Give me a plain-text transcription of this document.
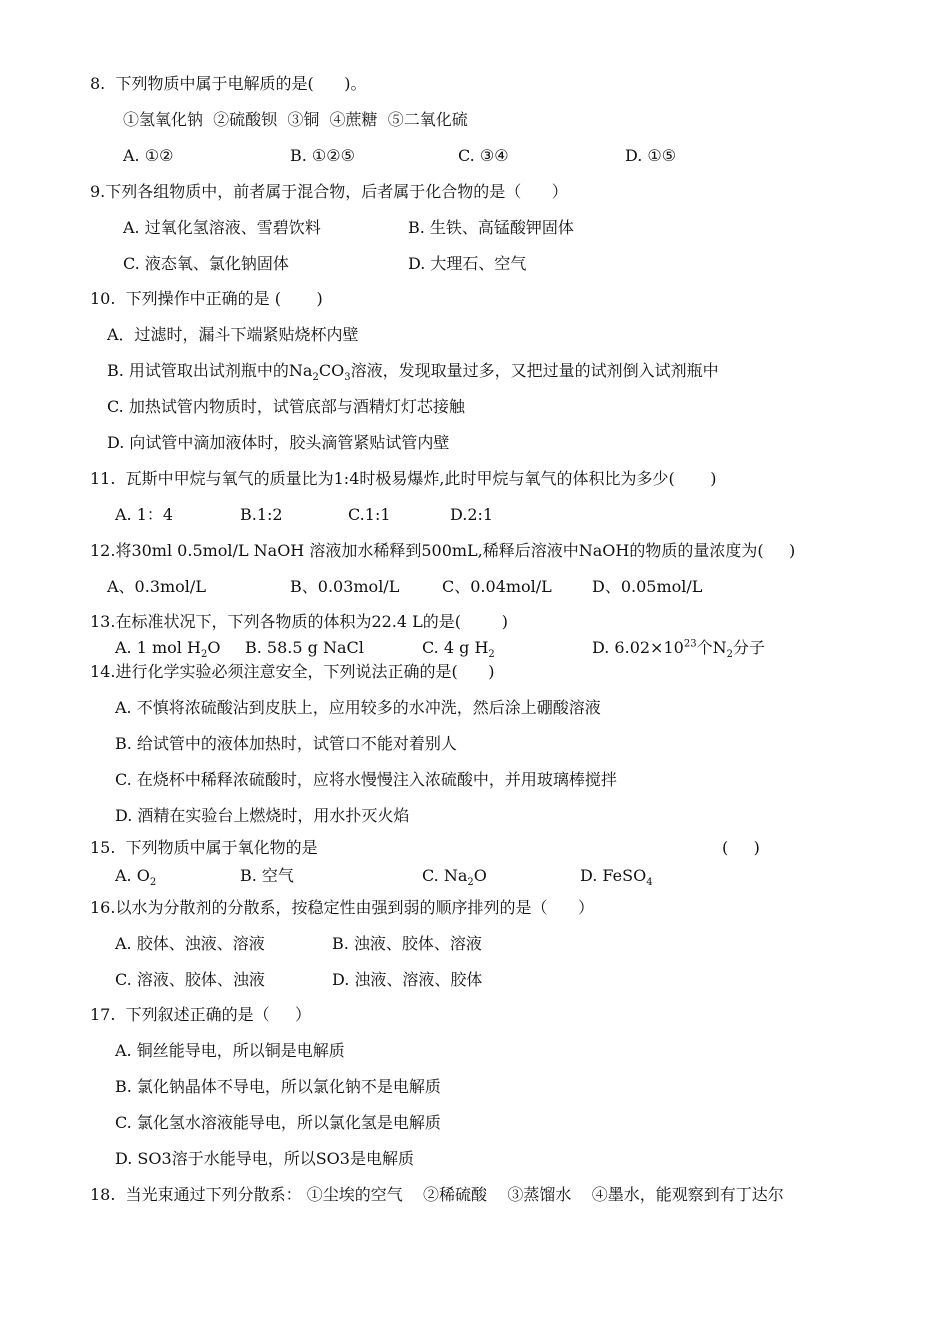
8.  下列物质中属于电解质的是(      )。
①氢氧化钠  ②硫酸钡  ③铜  ④蔗糖  ⑤二氧化硫
A. ①②	B. ①②⑤	C. ③④	D. ①⑤
9.下列各组物质中，前者属于混合物，后者属于化合物的是（      ）
A. 过氧化氢溶液、雪碧饮料	B. 生铁、高锰酸钾固体
C. 液态氧、氯化钠固体	D. 大理石、空气
10.  下列操作中正确的是 (       )
A．过滤时，漏斗下端紧贴烧杯内壁
B. 用试管取出试剂瓶中的$Na_2CO_3$溶液，发现取量过多，又把过量的试剂倒入试剂瓶中
C. 加热试管内物质时，试管底部与酒精灯灯芯接触
D. 向试管中滴加液体时，胶头滴管紧贴试管内壁
11.  瓦斯中甲烷与氧气的质量比为1:4时极易爆炸,此时甲烷与氧气的体积比为多少(       )
A. 1：4	B.1:2	C.1:1	D.2:1
12.将30ml 0.5mol/L NaOH 溶液加水稀释到500mL,稀释后溶液中NaOH的物质的量浓度为(     )
A、0.3mol/L	B、0.03mol/L	C、0.04mol/L	D、0.05mol/L
13.在标准状况下，下列各物质的体积为22.4 L的是(        )
A. 1 mol $H_2O$ B. 58.5 g NaCl	C. 4 g $H_2$	D. $6.02\times 10^{23}$个$N_2$分子
14.进行化学实验必须注意安全，下列说法正确的是(      )
A. 不慎将浓硫酸沾到皮肤上，应用较多的水冲洗，然后涂上硼酸溶液
B. 给试管中的液体加热时，试管口不能对着别人
C. 在烧杯中稀释浓硫酸时，应将水慢慢注入浓硫酸中，并用玻璃棒搅拌
D. 酒精在实验台上燃烧时，用水扑灭火焰
15.  下列物质中属于氧化物的是	(     )
A. $O_2$	B. 空气	C. $Na_2O$	D. FeSO$_4$
16.以水为分散剂的分散系，按稳定性由强到弱的顺序排列的是（      ）
A. 胶体、浊液、溶液	B. 浊液、胶体、溶液
C. 溶液、胶体、浊液	D. 浊液、溶液、胶体
17.  下列叙述正确的是（     ）
A. 铜丝能导电，所以铜是电解质
B. 氯化钠晶体不导电，所以氯化钠不是电解质
C. 氯化氢水溶液能导电，所以氯化氢是电解质
D. SO3溶于水能导电，所以SO3是电解质
18.  当光束通过下列分散系： ①尘埃的空气    ②稀硫酸    ③蒸馏水    ④墨水，能观察到有丁达尔
